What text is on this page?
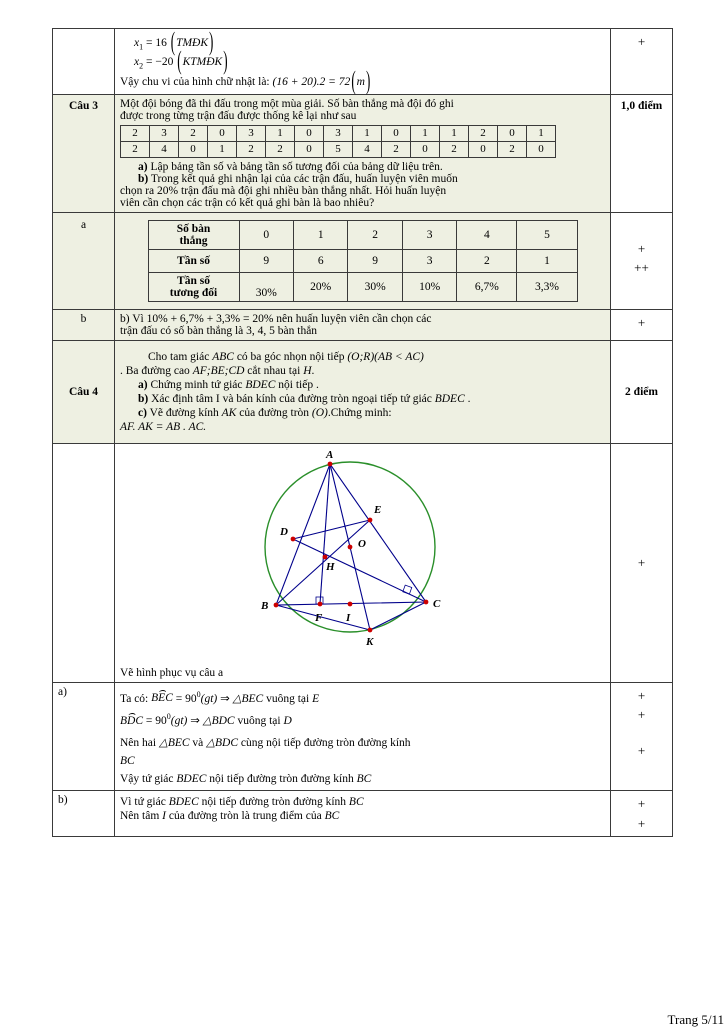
$x_1 = 16$ (TMĐK)
$x_2 = -20$ (KTMĐK)
Vậy chu vi của hình chữ nhật là: (16 + 20).2 = 72(m)
	+
Câu 3	Một đội bóng đã thi đấu trong một mùa giải. Số bàn thắng mà đội đó ghi
được trong từng trận đấu được thống kê lại như sau
2	3	2	0	3	1	0	3	1	0	1	1	2	0	1
2	4	0	1	2	2	0	5	4	2	0	2	0	2	0
a) Lập bảng tần số và bảng tần số tương đối của bảng dữ liệu trên.
b) Trong kết quả ghi nhận lại của các trận đấu, huấn luyện viên muốn
chọn ra 20% trận đấu mà đội ghi nhiều bàn thắng nhất. Hỏi huấn luyện
viên cần chọn các trận có kết quả ghi bàn là bao nhiêu?
	1,0 điểm
a		Số bàn
thắng	0	1	2	3	4	5
Tần số	9	6	9	3	2	1

Tần số
tương đối	30%	20%	30%	10%	6,7%	3,3%

+
++

b	b) Vì 10% + 6,7% + 3,3% = 20% nên huấn luyện viên cần chọn các
trận đấu có số bàn thắng là 3, 4, 5 bàn thắn
	+
Câu 4	
Cho tam giác ABC có ba góc nhọn nội tiếp (O;R)(AB < AC)
. Ba đường cao AF;BE;CD cắt nhau tại H.
a) Chứng minh tứ giác BDEC nội tiếp .
b) Xác định tâm I và bán kính của đường tròn ngoại tiếp tứ giác BDEC .
c) Vẽ đường kính AK của đường tròn (O).Chứng minh:
AF. AK = AB . AC.
	2 điểm

A
B	C
D
E
F
H
I
K
O
Vẽ hình phục vụ câu a
	+
a)	
Ta có: ⌢ BEC = $90^0(gt)$ ⇒ △BEC vuông tại E
⌢ BDC = $90^0(gt)$ ⇒ △BDC vuông tại D
Nên hai △BEC và △BDC cùng nội tiếp đường tròn đường kính
BC
Vậy tứ giác BDEC nội tiếp đường tròn đường kính BC

+
+
+

b)	Vì tứ giác BDEC nội tiếp đường tròn đường kính BC
Nên tâm I của đường tròn là trung điểm của BC

+
+
Trang 5/11
